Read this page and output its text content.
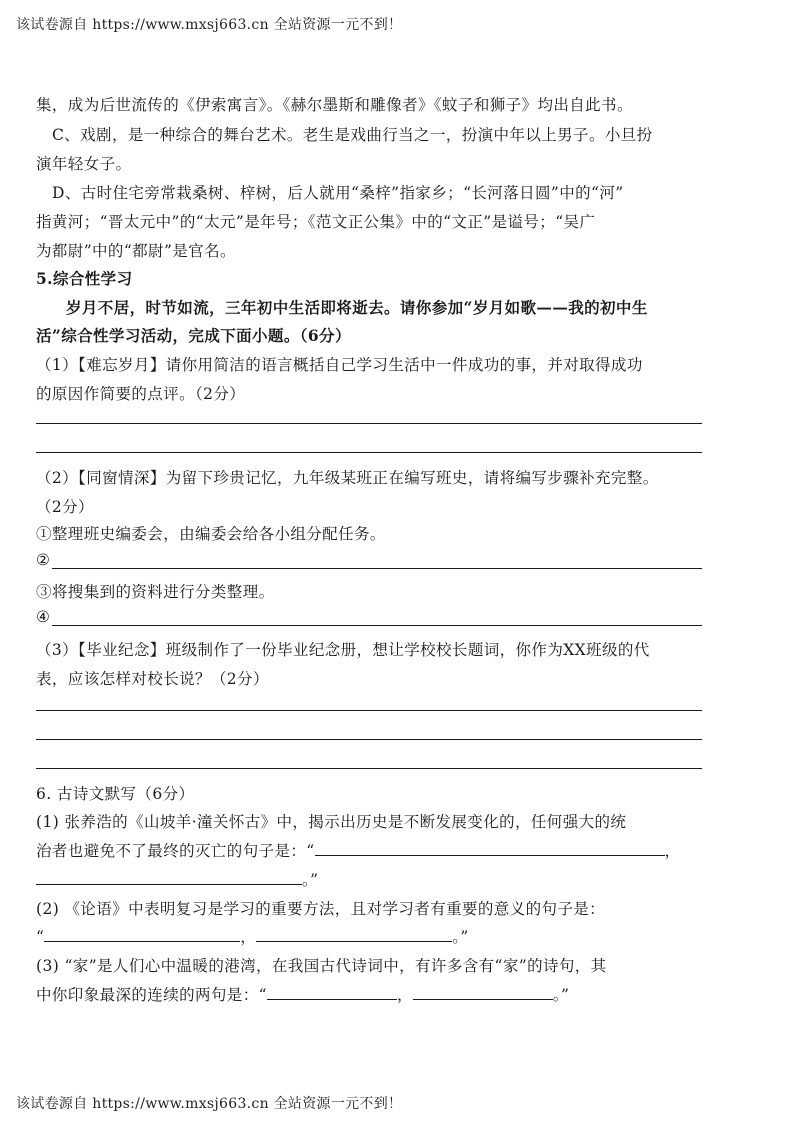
该试卷源自 https://www.mxsj663.cn 全站资源一元不到！
集，成为后世流传的《伊索寓言》。《赫尔墨斯和雕像者》《蚊子和狮子》均出自此书。
C、戏剧，是一种综合的舞台艺术。老生是戏曲行当之一，扮演中年以上男子。小旦扮
演年轻女子。
D、古时住宅旁常栽桑树、梓树，后人就用“桑梓”指家乡；“长河落日圆”中的“河”
指黄河；“晋太元中”的“太元”是年号；《范文正公集》中的“文正”是谥号；“吴广
为都尉”中的“都尉”是官名。
5.综合性学习
岁月不居，时节如流，三年初中生活即将逝去。请你参加“岁月如歌——我的初中生
活”综合性学习活动，完成下面小题。（6分）
（1）【难忘岁月】请你用简洁的语言概括自己学习生活中一件成功的事，并对取得成功
的原因作简要的点评。（2分）
（2）【同窗情深】为留下珍贵记忆，九年级某班正在编写班史，请将编写步骤补充完整。
（2分）
①整理班史编委会，由编委会给各小组分配任务。
②
③将搜集到的资料进行分类整理。
④
（3）【毕业纪念】班级制作了一份毕业纪念册，想让学校校长题词，你作为XX班级的代
表，应该怎样对校长说？（2分）
6. 古诗文默写（6分）
(1) 张养浩的《山坡羊·潼关怀古》中，揭示出历史是不断发展变化的，任何强大的统
治者也避免不了最终的灭亡的句子是：“	，
。”
(2) 《论语》中表明复习是学习的重要方法，且对学习者有重要的意义的句子是：
“	，	。”
(3) “家”是人们心中温暖的港湾，在我国古代诗词中，有许多含有“家”的诗句，其
中你印象最深的连续的两句是：“	，	。”
该试卷源自 https://www.mxsj663.cn 全站资源一元不到！
